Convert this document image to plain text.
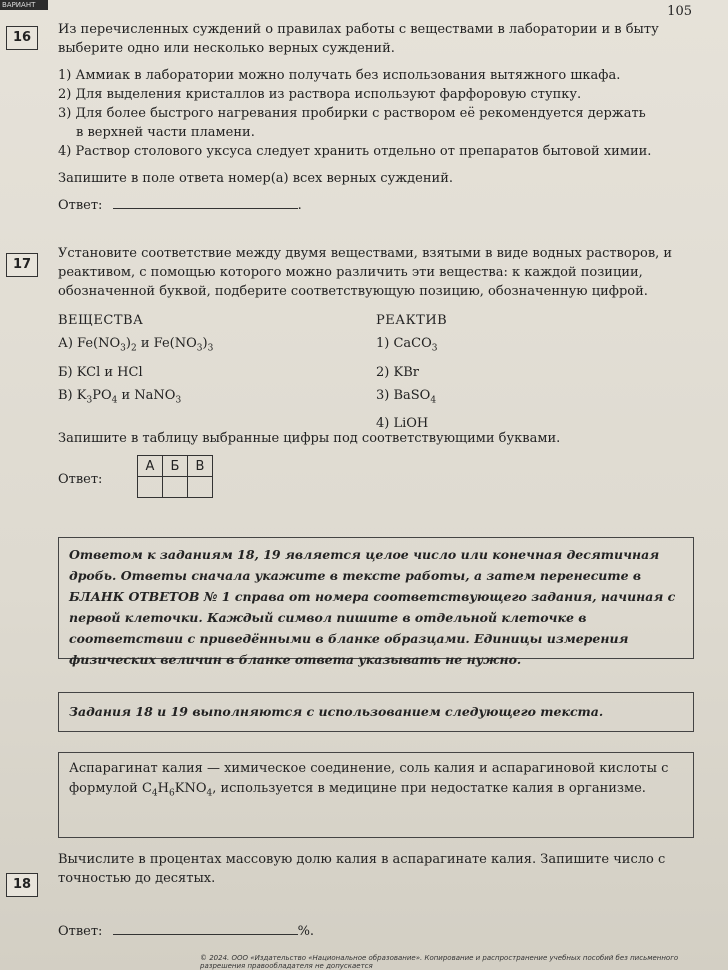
ВАРИАНТ	105
16

Из перечисленных суждений о правилах работы с веществами в лаборатории и в быту выберите одно или несколько верных суждений.

1) Аммиак в лаборатории можно получать без использования вытяжного шкафа.

2) Для выделения кристаллов из раствора используют фарфоровую ступку.

3) Для более быстрого нагревания пробирки с раствором её рекомендуется держать

в верхней части пламени.

4) Раствор столового уксуса следует хранить отдельно от препаратов бытовой химии.

Запишите в поле ответа номер(а) всех верных суждений.

Ответ:	.

17
Установите соответствие между двумя веществами, взятыми в виде водных растворов, и реактивом, с помощью которого можно различить эти вещества: к каждой позиции, обозначенной буквой, подберите соответствующую позицию, обозначенную цифрой.
ВЕЩЕСТВА
А) $Fe(NO_3)_2$ и $Fe(NO_3)_3$
Б) KCl и HCl
В) $K_3PO_4$ и NaNO$_3$
РЕАКТИВ
1) CaCO$_3$
2) KBr
3) BaSO$_4$
4) LiOH
Запишите в таблицу выбранные цифры под соответствующими буквами.
Ответ:
А	Б	В

Ответом к заданиям 18, 19 является целое число или конечная десятичная дробь. Ответы сначала укажите в тексте работы, а затем перенесите в БЛАНК ОТВЕТОВ № 1 справа от номера соответствующего задания, начиная с первой клеточки. Каждый символ пишите в отдельной клеточке в соответствии с приведёнными в бланке образцами. Единицы измерения физических величин в бланке ответа указывать не нужно.
Задания 18 и 19 выполняются с использованием следующего текста.
Аспарагинат калия — химическое соединение, соль калия и аспарагиновой кислоты с формулой $C_4H_6KNO_4$, используется в медицине при недостатке калия в организме.
18
Вычислите в процентах массовую долю калия в аспарагинате калия. Запишите число с точностью до десятых.
Ответ:	%.
© 2024. ООО «Издательство «Национальное образование». Копирование и распространение учебных пособий без письменного разрешения правообладателя не допускается
